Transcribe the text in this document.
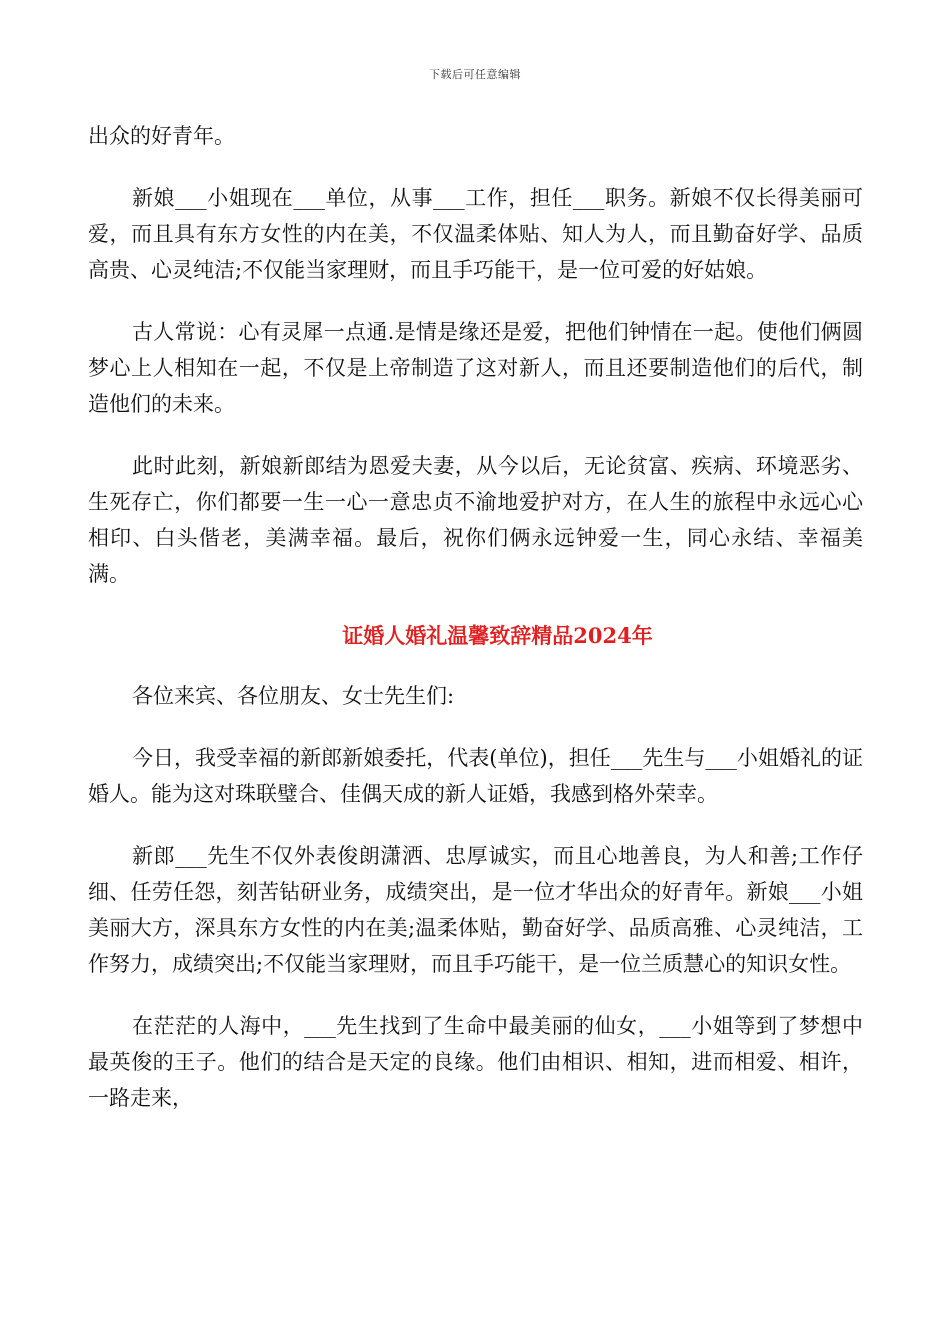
下载后可任意编辑

出众的好青年。

新娘___小姐现在___单位，从事___工作，担任___职务。新娘不仅长得美丽可爱，而且具有东方女性的内在美，不仅温柔体贴、知人为人，而且勤奋好学、品质高贵、心灵纯洁;不仅能当家理财，而且手巧能干，是一位可爱的好姑娘。

古人常说：心有灵犀一点通.是情是缘还是爱，把他们钟情在一起。使他们俩圆梦心上人相知在一起，不仅是上帝制造了这对新人，而且还要制造他们的后代，制造他们的未来。

此时此刻，新娘新郎结为恩爱夫妻，从今以后，无论贫富、疾病、环境恶劣、生死存亡，你们都要一生一心一意忠贞不渝地爱护对方，在人生的旅程中永远心心相印、白头偕老，美满幸福。最后，祝你们俩永远钟爱一生，同心永结、幸福美满。

证婚人婚礼温馨致辞精品2024年

各位来宾、各位朋友、女士先生们:

今日，我受幸福的新郎新娘委托，代表(单位)，担任___先生与___小姐婚礼的证婚人。能为这对珠联璧合、佳偶天成的新人证婚，我感到格外荣幸。

新郎___先生不仅外表俊朗潇洒、忠厚诚实，而且心地善良，为人和善;工作仔细、任劳任怨，刻苦钻研业务，成绩突出，是一位才华出众的好青年。新娘___小姐美丽大方，深具东方女性的内在美;温柔体贴，勤奋好学、品质高雅、心灵纯洁，工作努力，成绩突出;不仅能当家理财，而且手巧能干，是一位兰质慧心的知识女性。

在茫茫的人海中，___先生找到了生命中最美丽的仙女，___小姐等到了梦想中最英俊的王子。他们的结合是天定的良缘。他们由相识、相知，进而相爱、相许，一路走来，
